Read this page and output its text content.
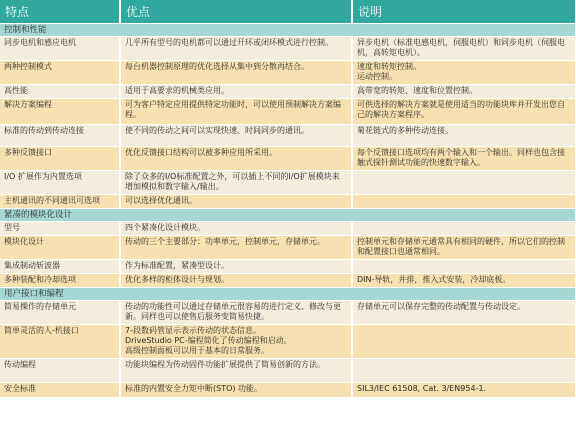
特点	优点	说明
控制和性能		
同步电机和感应电机	几乎所有型号的电机都可以通过开环或闭环模式进行控制。	异步电机（标准电感电机，伺服电机）和同步电机（伺服电机，高转矩电机）。
两种控制模式	每台机器控制原理的优化选择从集中到分散再结合。	速度和转矩控制。
运动控制。
高性能	适用于高要求的机械类应用。	高带宽的转矩、速度和位置控制。
解决方案编程	可为客户特定应用提供特定功能时，可以使用预制解决方案编程。	可供选择的解决方案就是使用适当的功能块库并开发出您自己的解决方案程序。
标准的传动到传动连接	使不同的传动之间可以实现快速、时间同步的通讯。	菊花链式的多种传动连接。
多种反馈接口	优化反馈接口结构可以被多种应用所采用。	每个反馈接口选项均有两个输入和一个输出。同样也包含接触式探针测试功能的快速数字输入。
I/O 扩展作为内置选项	除了众多的I/O标准配置之外，可以插上不同的I/O扩展模块来增加模拟和数字输入/输出。	
主机通讯的不同通讯可选项	可以选择优化通讯。	
紧凑的模块化设计		
型号	四个紧凑化设计模块。	
模块化设计	传动的三个主要部分：功率单元，控制单元，存储单元。	控制单元和存储单元通常具有相同的硬件，所以它们的控制和配置接口也通常相同。
集成制动斩波器	作为标准配置，紧凑型设计。	
多种装配和冷却选项	优化多样的柜体设计与规划。	DIN-导轨，并排，推入式安装，冷却底板。
用户接口和编程		
简易操作的存储单元	传动的功能性可以通过存储单元很容易的进行定义、修改与更新。同样也可以使售后服务变简易快捷。	存储单元可以保存完整的传动配置与传动设定。
简单灵活的人-机接口	7-段数码管显示表示传动的状态信息。
DriveStudio PC-编程简化了传动编程和启动。
高级控制面板可以用于基本的日常服务。	
传动编程	功能块编程为传动固件功能扩展提供了简易创新的方法。	
安全标准	标准的内置安全力矩中断(STO) 功能。	SIL3/IEC 61508, Cat. 3/EN954-1.
